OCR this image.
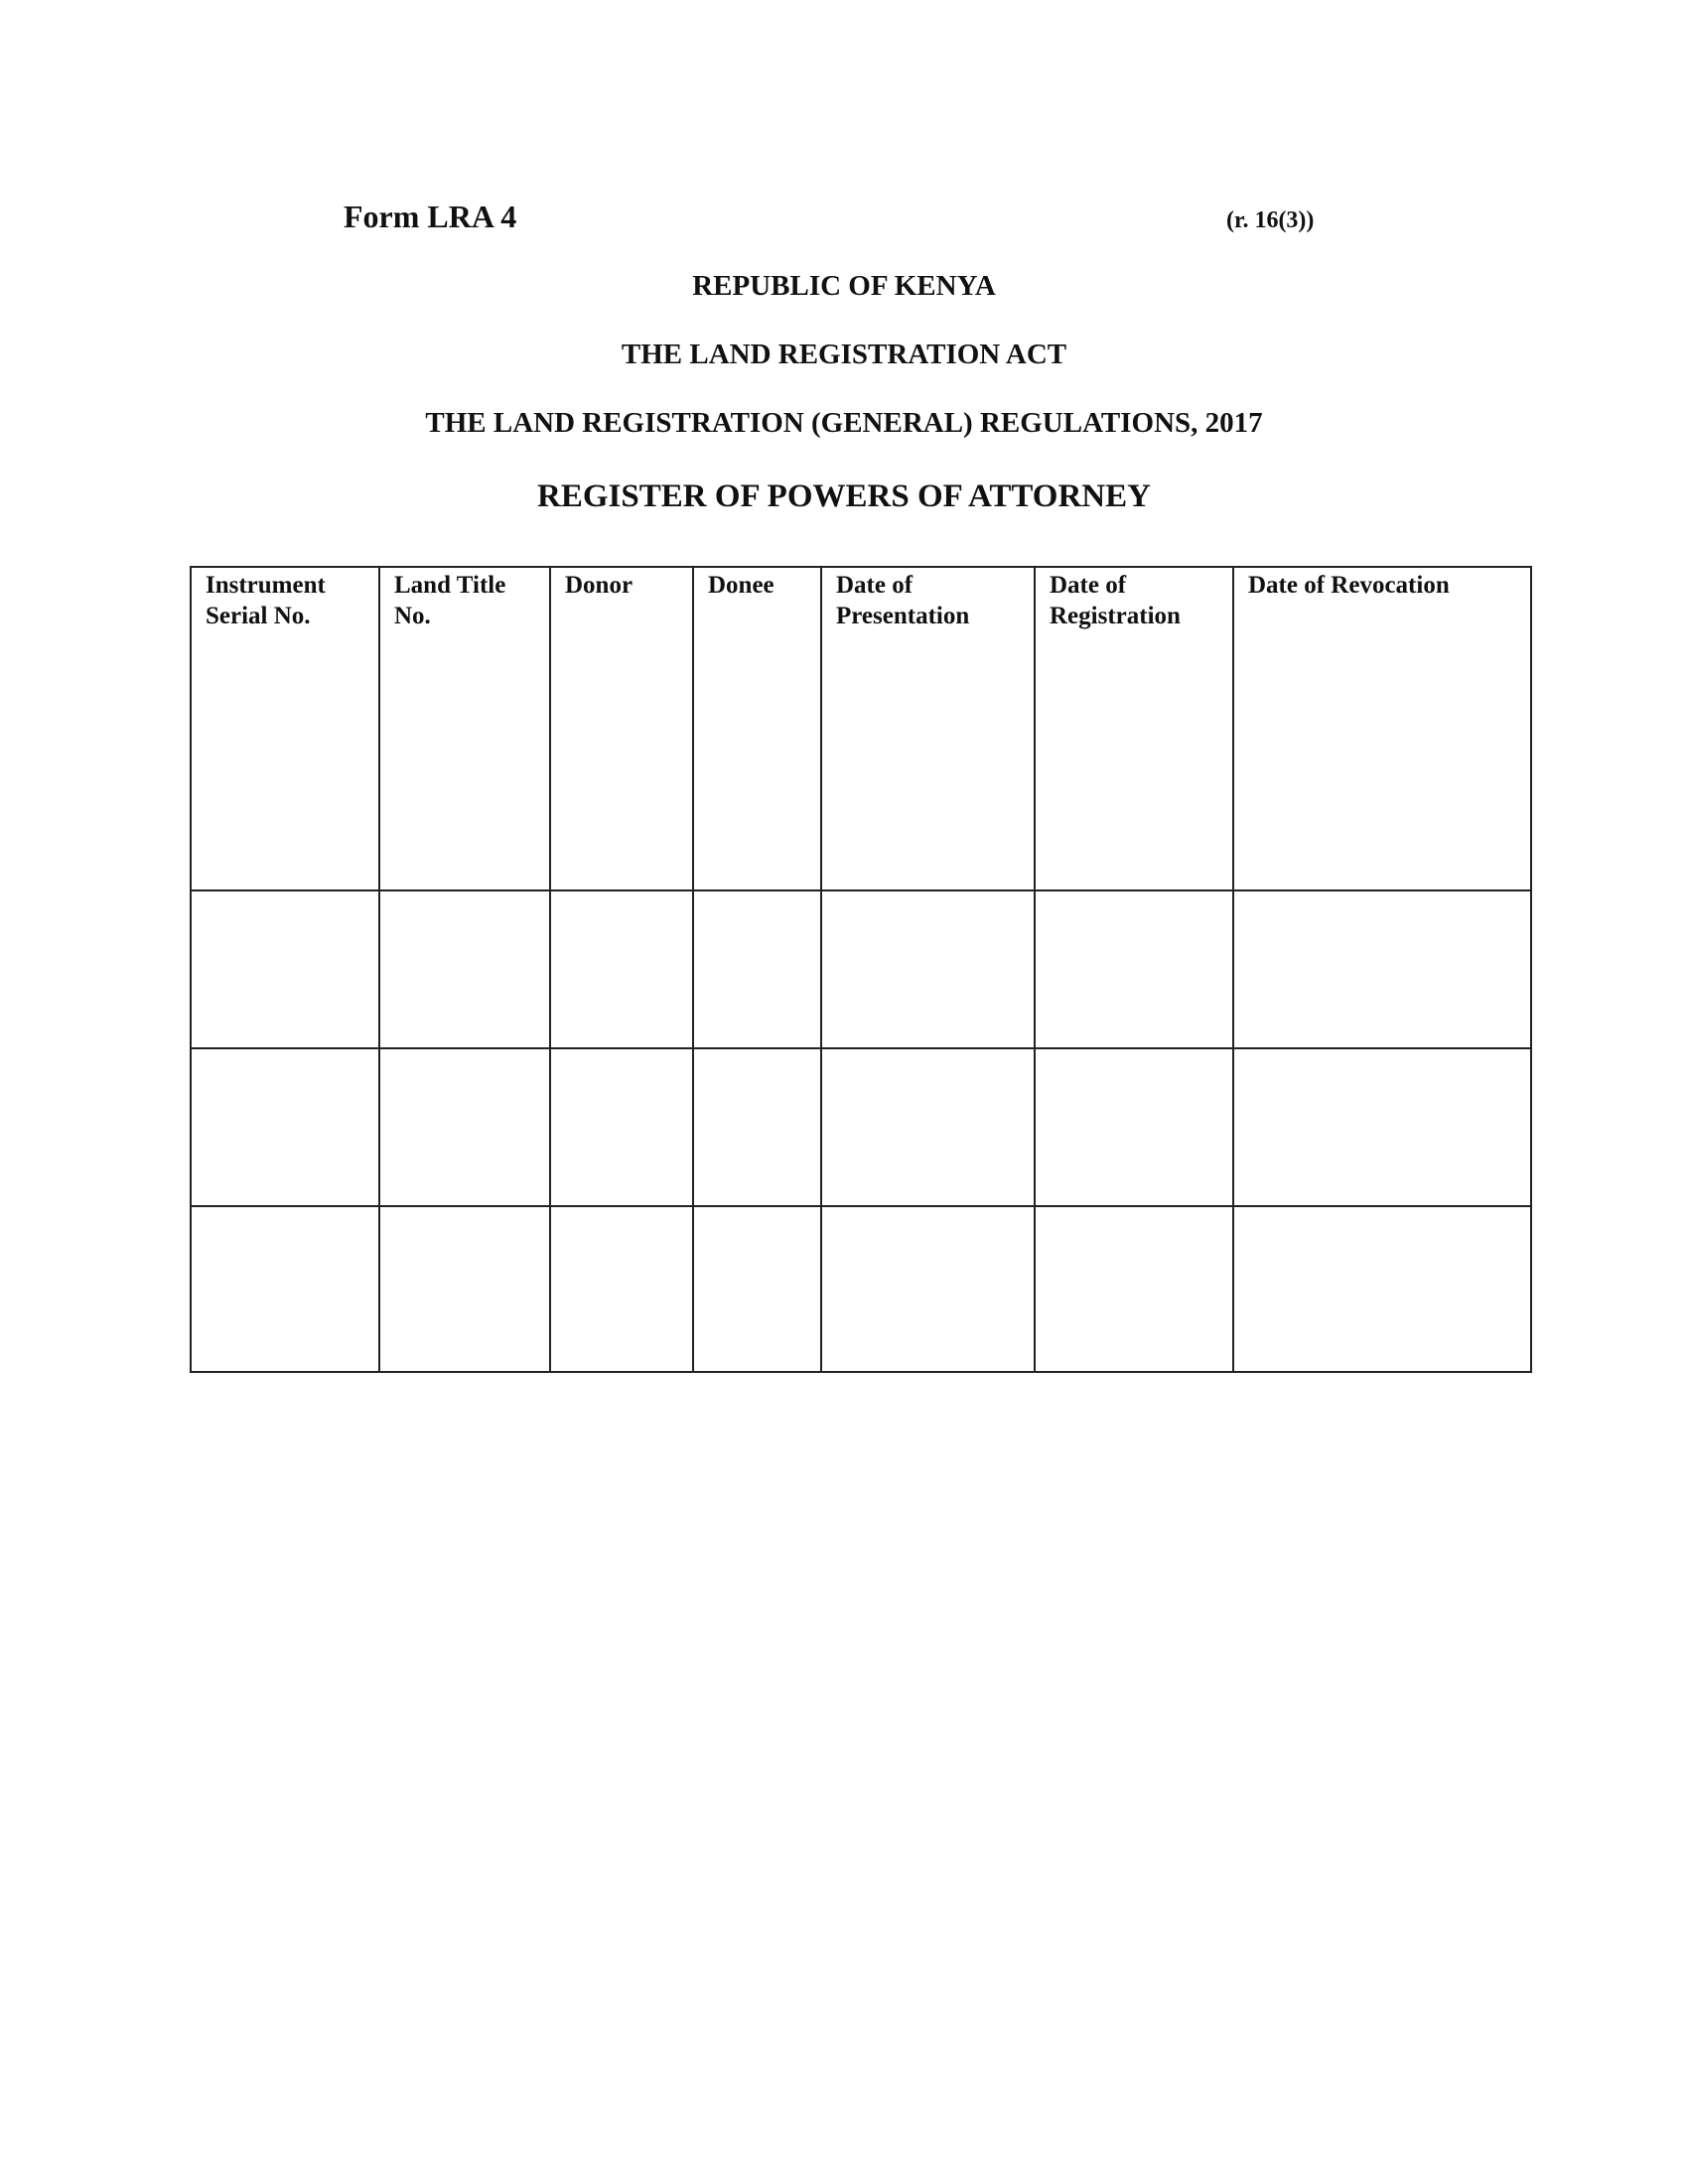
Form LRA 4	(r. 16(3))
REPUBLIC OF KENYA
THE LAND REGISTRATION ACT
THE LAND REGISTRATION (GENERAL) REGULATIONS, 2017
REGISTER OF POWERS OF ATTORNEY
Instrument Serial No.	Land Title No.	Donor	Donee	Date of Presentation	Date of Registration	Date of Revocation
